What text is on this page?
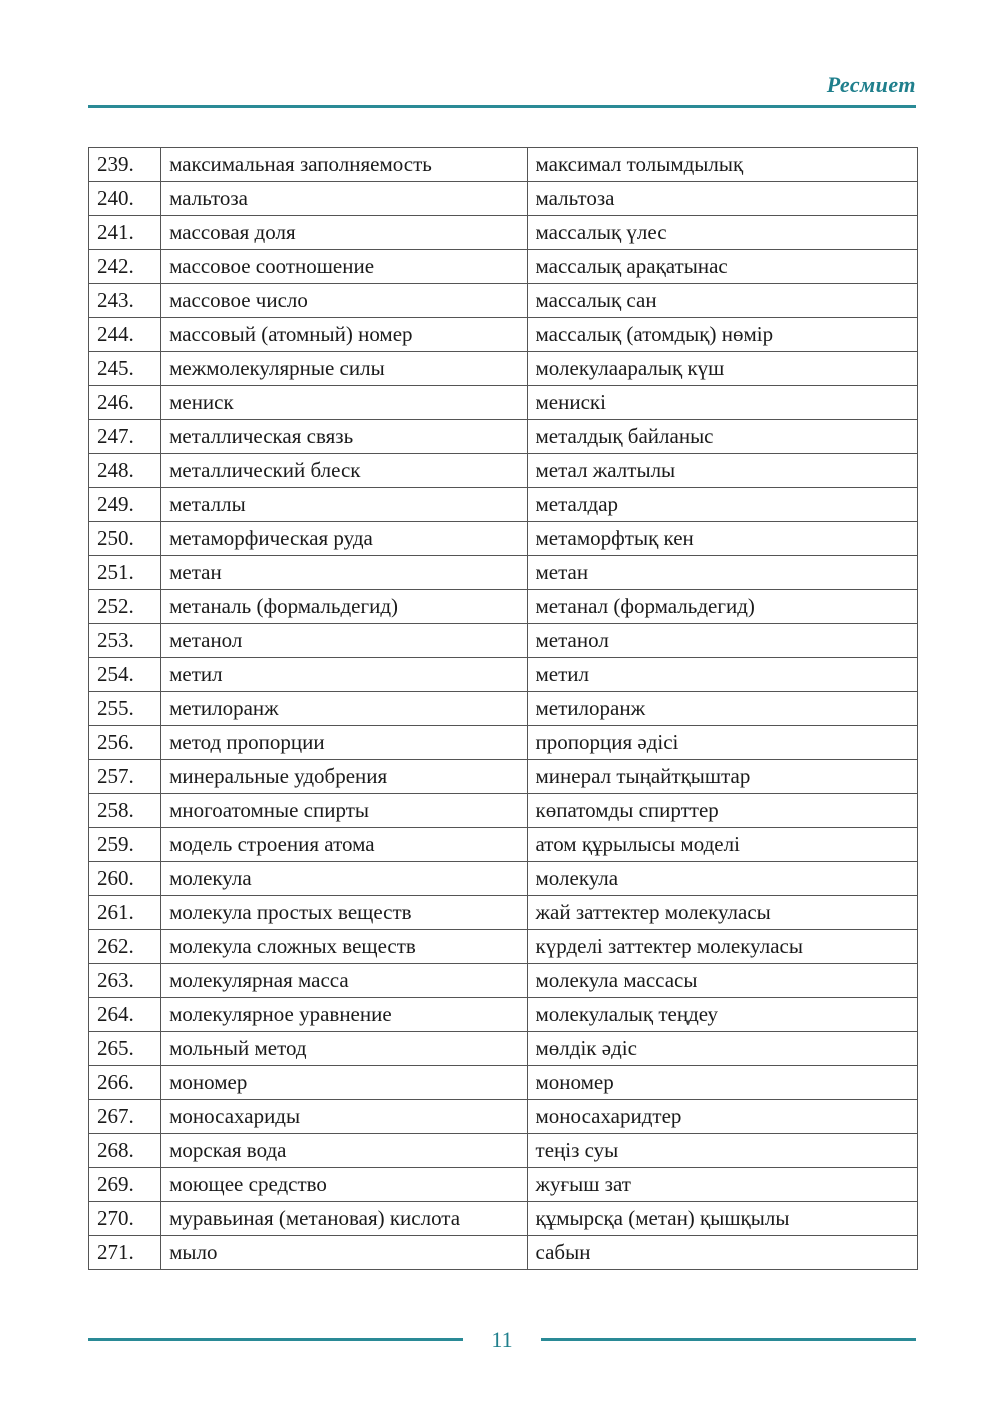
Ресмиет
239.	максимальная заполняемость	максимал толымдылық
240.	мальтоза	мальтоза
241.	массовая доля	массалық үлес
242.	массовое соотношение	массалық арақатынас
243.	массовое число	массалық сан
244.	массовый (атомный) номер	массалық (атомдық) нөмір
245.	межмолекулярные силы	молекулааралық күш
246.	мениск	менискі
247.	металлическая связь	металдық байланыс
248.	металлический блеск	метал жалтылы
249.	металлы	металдар
250.	метаморфическая руда	метаморфтық кен
251.	метан	метан
252.	метаналь (формальдегид)	метанал (формальдегид)
253.	метанол	метанол
254.	метил	метил
255.	метилоранж	метилоранж
256.	метод пропорции	пропорция әдісі
257.	минеральные удобрения	минерал тыңайтқыштар
258.	многоатомные спирты	көпатомды спирттер
259.	модель строения атома	атом құрылысы моделі
260.	молекула	молекула
261.	молекула простых веществ	жай заттектер молекуласы
262.	молекула сложных веществ	күрделі заттектер молекуласы
263.	молекулярная масса	молекула массасы
264.	молекулярное уравнение	молекулалық теңдеу
265.	мольный метод	мөлдік әдіс
266.	мономер	мономер
267.	моносахариды	моносахаридтер
268.	морская вода	теңіз суы
269.	моющее средство	жуғыш зат
270.	муравьиная (метановая) кислота	құмырсқа (метан) қышқылы
271.	мыло	сабын
11
